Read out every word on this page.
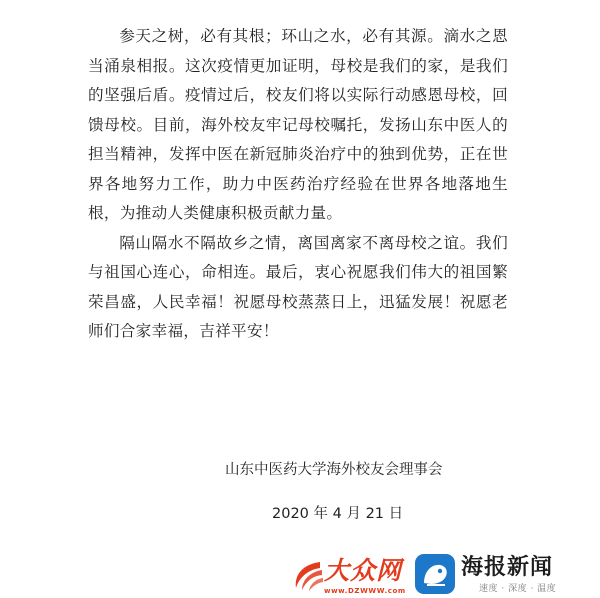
参天之树，必有其根；环山之水，必有其源。滴水之恩当涌泉相报。这次疫情更加证明，母校是我们的家，是我们的坚强后盾。疫情过后，校友们将以实际行动感恩母校，回馈母校。目前，海外校友牢记母校嘱托，发扬山东中医人的担当精神，发挥中医在新冠肺炎治疗中的独到优势，正在世界各地努力工作，助力中医药治疗经验在世界各地落地生根，为推动人类健康积极贡献力量。

隔山隔水不隔故乡之情，离国离家不离母校之谊。我们与祖国心连心，命相连。最后，衷心祝愿我们伟大的祖国繁荣昌盛，人民幸福！祝愿母校蒸蒸日上，迅猛发展！祝愿老师们合家幸福，吉祥平安！

山东中医药大学海外校友会理事会
2020 年 4 月 21 日
大众网
www.DZWWW.com
海报新闻
速度 · 深度 · 温度
